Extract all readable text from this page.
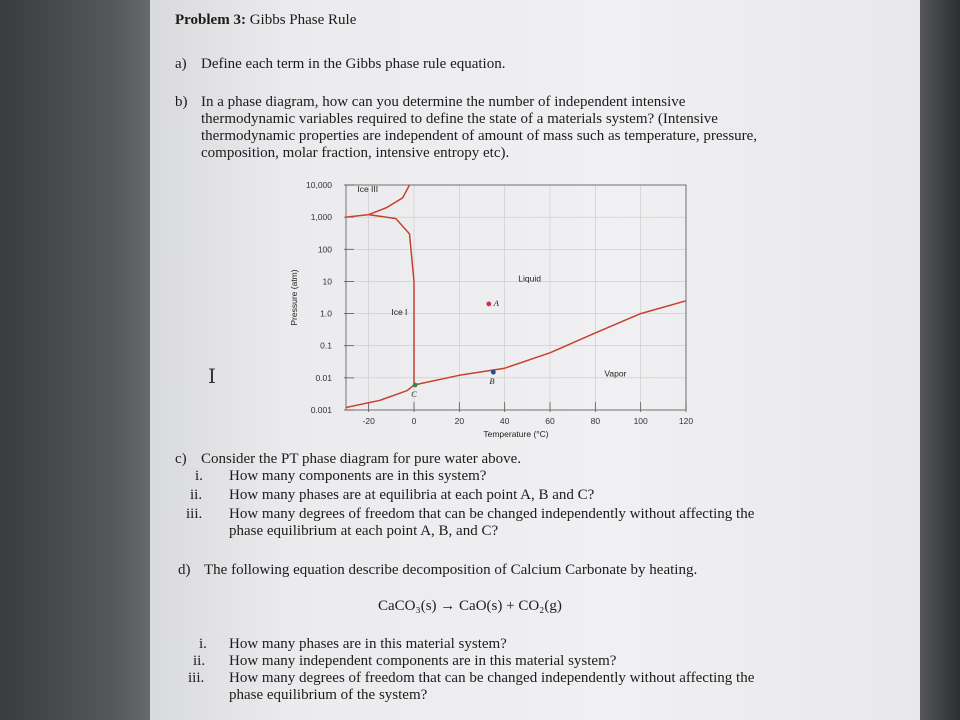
Problem 3: Gibbs Phase Rule
a) Define each term in the Gibbs phase rule equation.
b) In a phase diagram, how can you determine the number of independent intensive
thermodynamic variables required to define the state of a materials system? (Intensive
thermodynamic properties are independent of amount of mass such as temperature, pressure,
composition, molar fraction, intensive entropy etc).
I
0.001
0.01
0.1
1.0
10
100
1,000
10,000
-20	0	20	40	60	80	100	120
Ice III
Ice I
Liquid
Vapor
A
B
C
Temperature (°C)
Pressure (atm)
c) Consider the PT phase diagram for pure water above.
i. How many components are in this system?
ii. How many phases are at equilibria at each point A, B and C?
iii. How many degrees of freedom that can be changed independently without affecting the
phase equilibrium at each point A, B, and C?
d) The following equation describe decomposition of Calcium Carbonate by heating.
CaCO₃(s) → CaO(s) + CO₂(g)
i. How many phases are in this material system?
ii. How many independent components are in this material system?
iii. How many degrees of freedom that can be changed independently without affecting the
phase equilibrium of the system?
